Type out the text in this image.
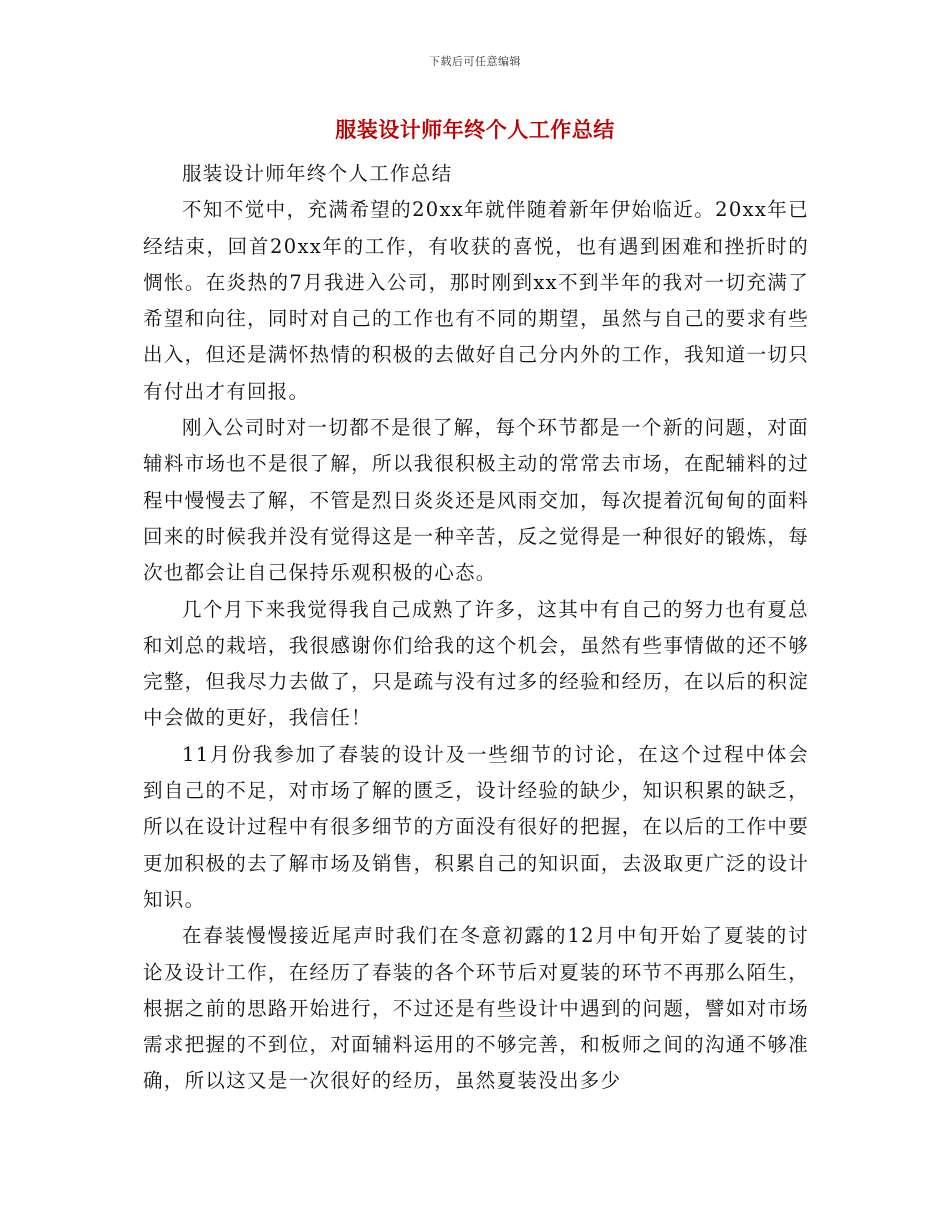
下载后可任意编辑
服装设计师年终个人工作总结

服装设计师年终个人工作总结

不知不觉中，充满希望的20xx年就伴随着新年伊始临近。20xx年已经结束，回首20xx年的工作，有收获的喜悦，也有遇到困难和挫折时的惆怅。在炎热的7月我进入公司，那时刚到xx不到半年的我对一切充满了希望和向往，同时对自己的工作也有不同的期望，虽然与自己的要求有些出入，但还是满怀热情的积极的去做好自己分内外的工作，我知道一切只有付出才有回报。

刚入公司时对一切都不是很了解，每个环节都是一个新的问题，对面辅料市场也不是很了解，所以我很积极主动的常常去市场，在配辅料的过程中慢慢去了解，不管是烈日炎炎还是风雨交加，每次提着沉甸甸的面料回来的时候我并没有觉得这是一种辛苦，反之觉得是一种很好的锻炼，每次也都会让自己保持乐观积极的心态。

几个月下来我觉得我自己成熟了许多，这其中有自己的努力也有夏总和刘总的栽培，我很感谢你们给我的这个机会，虽然有些事情做的还不够完整，但我尽力去做了，只是疏与没有过多的经验和经历，在以后的积淀中会做的更好，我信任！

11月份我参加了春装的设计及一些细节的讨论，在这个过程中体会到自己的不足，对市场了解的匮乏，设计经验的缺少，知识积累的缺乏，所以在设计过程中有很多细节的方面没有很好的把握，在以后的工作中要更加积极的去了解市场及销售，积累自己的知识面，去汲取更广泛的设计知识。

在春装慢慢接近尾声时我们在冬意初露的12月中旬开始了夏装的讨论及设计工作，在经历了春装的各个环节后对夏装的环节不再那么陌生，根据之前的思路开始进行，不过还是有些设计中遇到的问题，譬如对市场需求把握的不到位，对面辅料运用的不够完善，和板师之间的沟通不够准确，所以这又是一次很好的经历，虽然夏装没出多少
